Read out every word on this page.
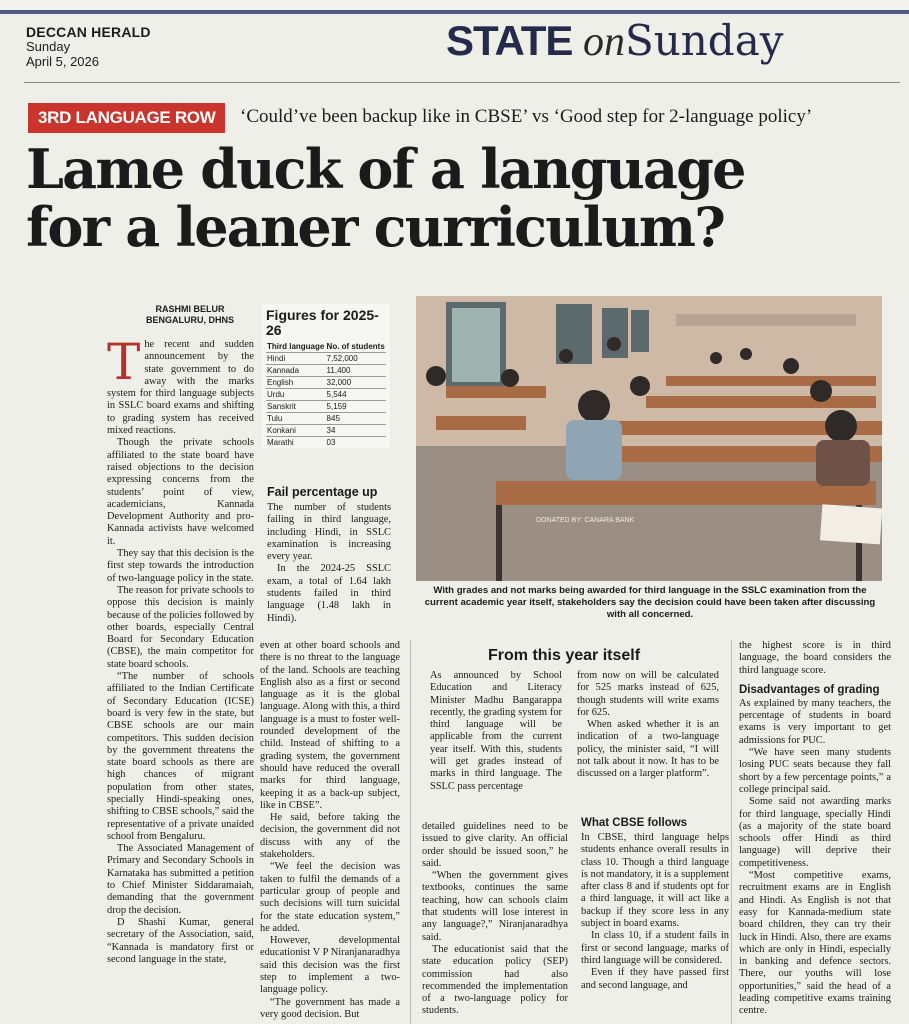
DECCAN HERALD
Sunday
April 5, 2026	STATE onSunday
3RD LANGUAGE ROW	‘Could’ve been backup like in CBSE’ vs ‘Good step for 2-language policy’
Lame duck of a language for a leaner curriculum?
RASHMI BELUR
BENGALURU, DHNS

The recent and sudden announcement by the state government to do away with the marks system for third language subjects in SSLC board exams and shifting to grading system has received mixed reactions.

Though the private schools affiliated to the state board have raised objections to the decision expressing concerns from the students’ point of view, academicians, Kannada Development Authority and pro-Kannada activists have welcomed it.

They say that this decision is the first step towards the introduction of two-language policy in the state.

The reason for private schools to oppose this decision is mainly because of the policies followed by other boards, especially Central Board for Secondary Education (CBSE), the main competitor for state board schools.

“The number of schools affiliated to the Indian Certificate of Secondary Education (ICSE) board is very few in the state, but CBSE schools are our main competitors. This sudden decision by the government threatens the state board schools as there are high chances of migrant population from other states, specially Hindi-speaking ones, shifting to CBSE schools,” said the representative of a private unaided school from Bengaluru.

The Associated Management of Primary and Secondary Schools in Karnataka has submitted a petition to Chief Minister Siddaramaiah, demanding that the government drop the decision.

D Shashi Kumar, general secretary of the Association, said, “Kannada is mandatory first or second language in the state,

Figures for 2025-26
Third language	No. of students
Hindi	7,52,000
Kannada	11,400
English	32,000
Urdu	5,544
Sanskrit	5,159
Tulu	845
Konkani	34
Marathi	03
Fail percentage up

The number of students failing in third language, including Hindi, in SSLC examination is increasing every year.

In the 2024-25 SSLC exam, a total of 1.64 lakh students failed in third language (1.48 lakh in Hindi).

DONATED BY: CANARA BANK
With grades and not marks being awarded for third language in the SSLC examination from the current academic year itself, stakeholders say the decision could have been taken after discussing with all concerned.

even at other board schools and there is no threat to the language of the land. Schools are teaching English also as a first or second language as it is the global language. Along with this, a third language is a must to foster well-rounded development of the child. Instead of shifting to a grading system, the government should have reduced the overall marks for third language, keeping it as a back-up subject, like in CBSE”.

He said, before taking the decision, the government did not discuss with any of the stakeholders.

“We feel the decision was taken to fulfil the demands of a particular group of people and such decisions will turn suicidal for the state education system,” he added.

However, developmental educationist V P Niranjanaradhya said this decision was the first step to implement a two-language policy.

“The government has made a very good decision. But

From this year itself

As announced by School Education and Literacy Minister Madhu Bangarappa recently, the grading system for third language will be applicable from the current year itself. With this, students will get grades instead of marks in third language. The SSLC pass percentage

from now on will be calculated for 525 marks instead of 625, though students will write exams for 625.

When asked whether it is an indication of a two-language policy, the minister said, “I will not talk about it now. It has to be discussed on a larger platform”.

detailed guidelines need to be issued to give clarity. An official order should be issued soon,” he said.

“When the government gives textbooks, continues the same teaching, how can schools claim that students will lose interest in any language?,” Niranjanaradhya said.

The educationist said that the state education policy (SEP) commission had also recommended the implementation of a two-language policy for students.

What CBSE follows

In CBSE, third language helps students enhance overall results in class 10. Though a third language is not mandatory, it is a supplement after class 8 and if students opt for a third language, it will act like a backup if they score less in any subject in board exams.

In class 10, if a student fails in first or second language, marks of third language will be considered.

Even if they have passed first and second language, and

the highest score is in third language, the board considers the third language score.

Disadvantages of grading

As explained by many teachers, the percentage of students in board exams is very important to get admissions for PUC.

“We have seen many students losing PUC seats because they fall short by a few percentage points,” a college principal said.

Some said not awarding marks for third language, specially Hindi (as a majority of the state board schools offer Hindi as third language) will deprive their competitiveness.

“Most competitive exams, recruitment exams are in English and Hindi. As English is not that easy for Kannada-medium state board children, they can try their luck in Hindi. Also, there are exams which are only in Hindi, especially in banking and defence sectors. There, our youths will lose opportunities,” said the head of a leading competitive exams training centre.
